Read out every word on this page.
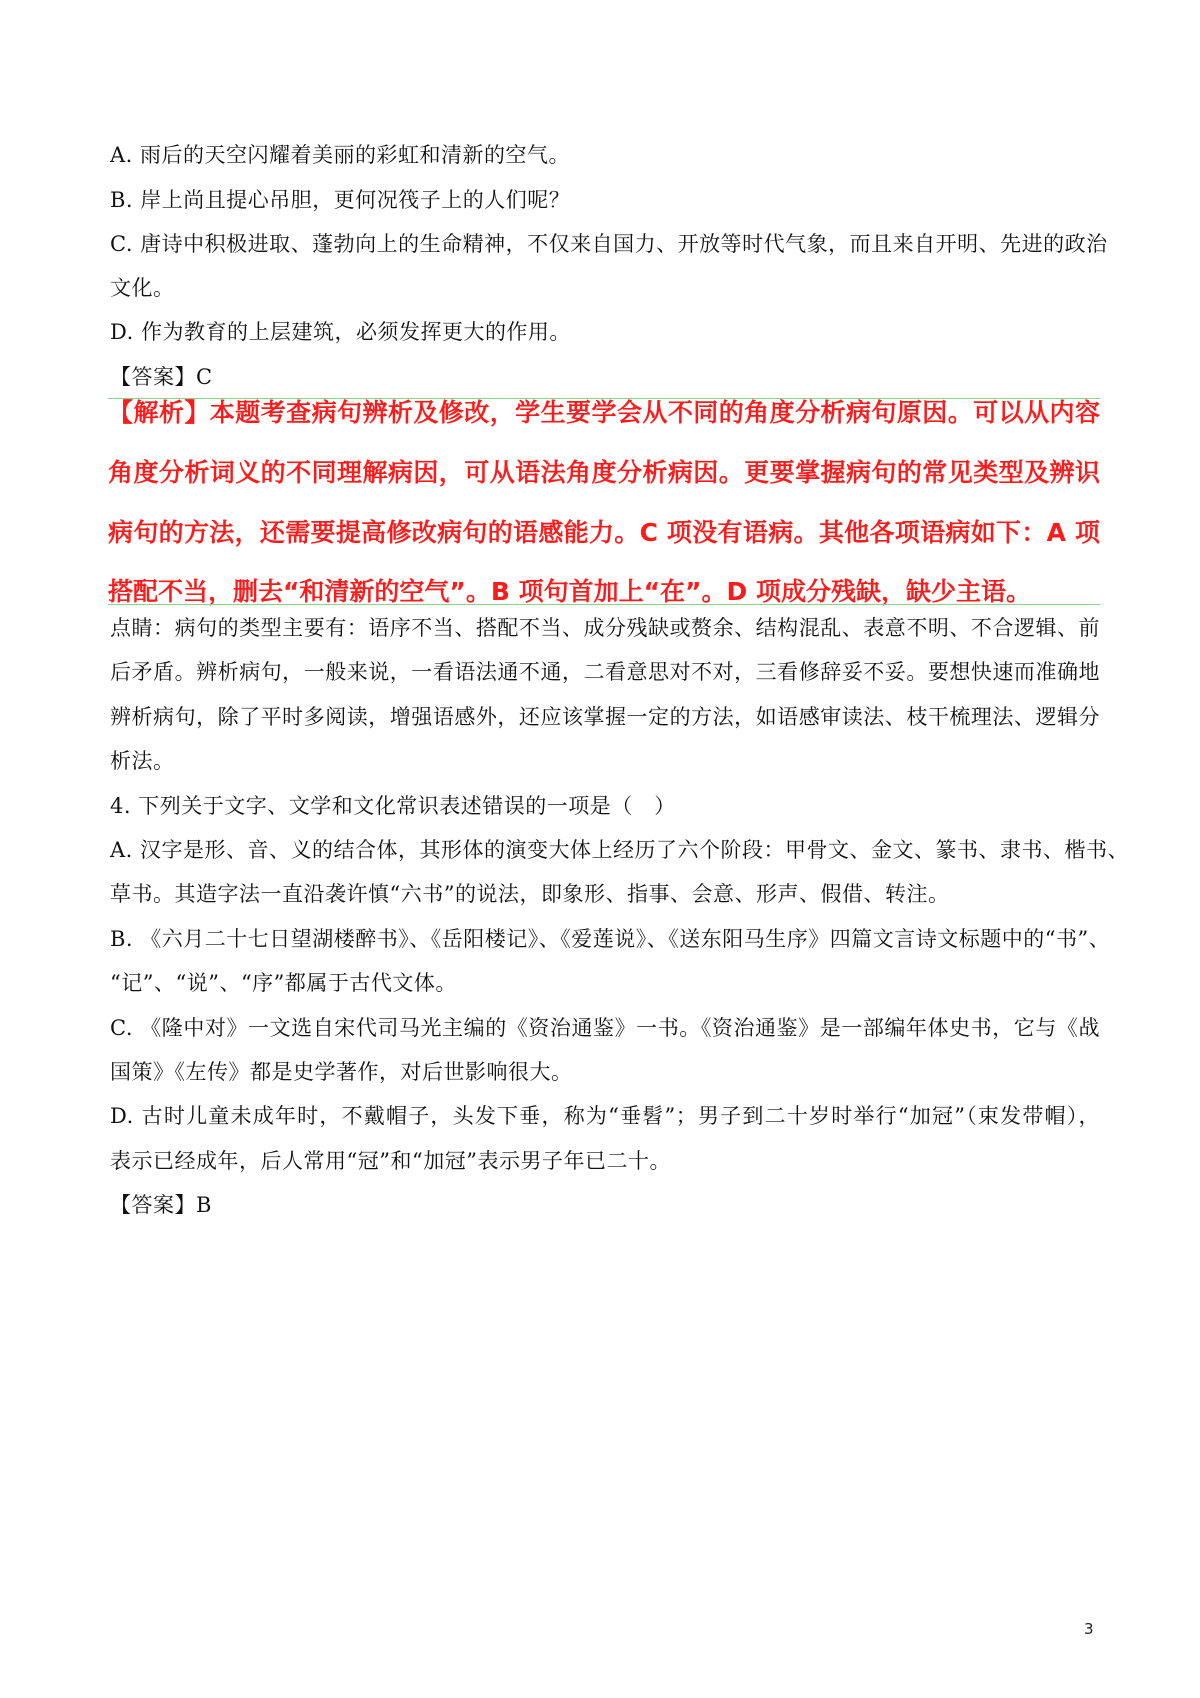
A. 雨后的天空闪耀着美丽的彩虹和清新的空气。
B. 岸上尚且提心吊胆，更何况筏子上的人们呢？
C. 唐诗中积极进取、蓬勃向上的生命精神，不仅来自国力、开放等时代气象，而且来自开明、先进的政治
文化。
D. 作为教育的上层建筑，必须发挥更大的作用。
【答案】C
【解析】本题考查病句辨析及修改，学生要学会从不同的角度分析病句原因。可以从内容
角度分析词义的不同理解病因，可从语法角度分析病因。更要掌握病句的常见类型及辨识
病句的方法，还需要提高修改病句的语感能力。C 项没有语病。其他各项语病如下：A 项
搭配不当，删去“和清新的空气”。B 项句首加上“在”。D 项成分残缺，缺少主语。
点睛：病句的类型主要有：语序不当、搭配不当、成分残缺或赘余、结构混乱、表意不明、不合逻辑、前
后矛盾。辨析病句，一般来说，一看语法通不通，二看意思对不对，三看修辞妥不妥。要想快速而准确地
辨析病句，除了平时多阅读，增强语感外，还应该掌握一定的方法，如语感审读法、枝干梳理法、逻辑分
析法。
4. 下列关于文字、文学和文化常识表述错误的一项是（　）
A. 汉字是形、音、义的结合体，其形体的演变大体上经历了六个阶段：甲骨文、金文、篆书、隶书、楷书、
草书。其造字法一直沿袭许慎“六书”的说法，即象形、指事、会意、形声、假借、转注。
B. 《六月二十七日望湖楼醉书》、《岳阳楼记》、《爱莲说》、《送东阳马生序》四篇文言诗文标题中的“书”、
“记”、“说”、“序”都属于古代文体。
C. 《隆中对》一文选自宋代司马光主编的《资治通鉴》一书。《资治通鉴》是一部编年体史书，它与《战
国策》《左传》都是史学著作，对后世影响很大。
D. 古时儿童未成年时，不戴帽子，头发下垂，称为“垂髫”；男子到二十岁时举行“加冠”（束发带帽），
表示已经成年，后人常用“冠”和“加冠”表示男子年已二十。
【答案】B
3
